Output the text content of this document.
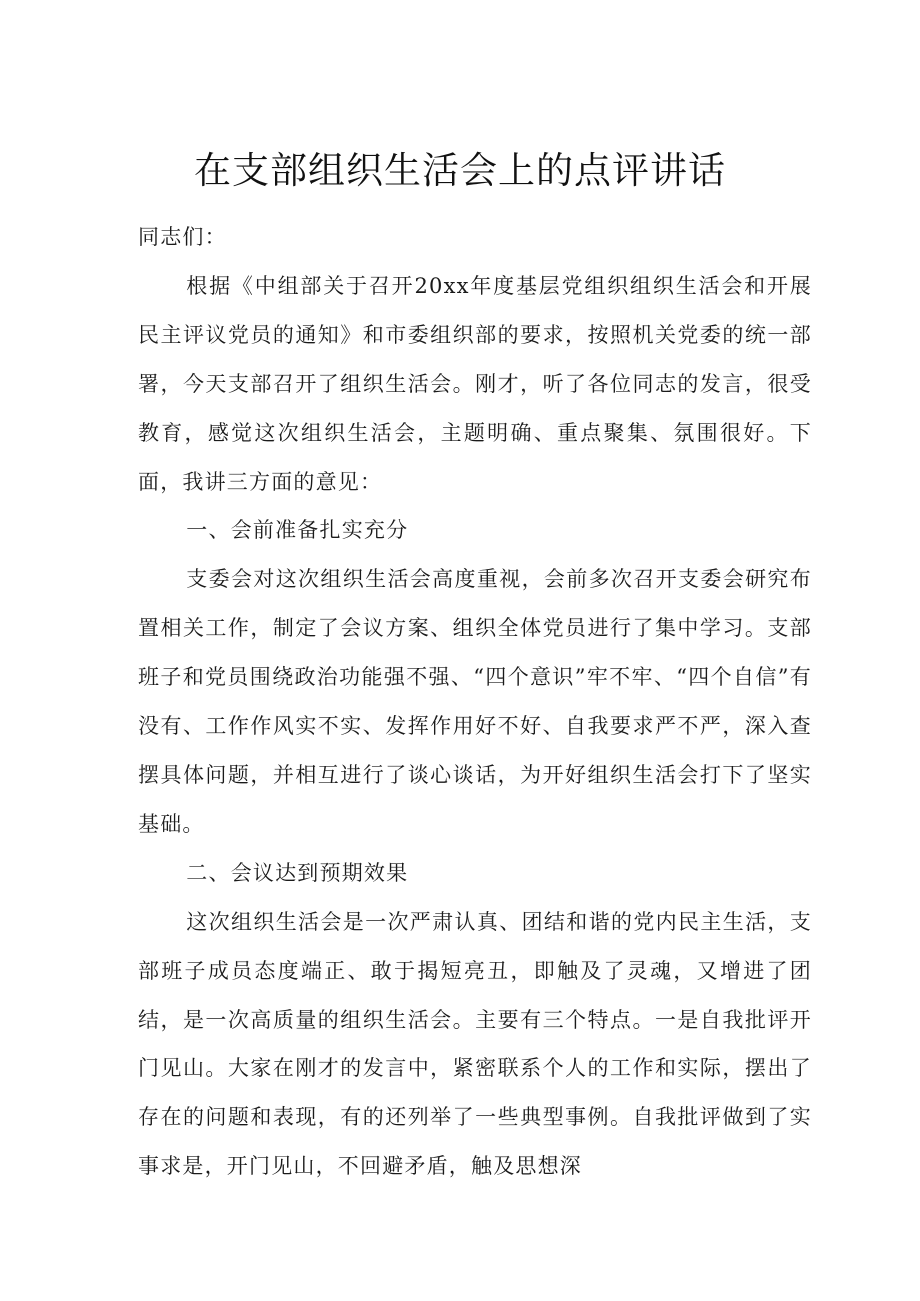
在支部组织生活会上的点评讲话

同志们：

根据《中组部关于召开20xx年度基层党组织组织生活会和开展民主评议党员的通知》和市委组织部的要求，按照机关党委的统一部署，今天支部召开了组织生活会。刚才，听了各位同志的发言，很受教育，感觉这次组织生活会，主题明确、重点聚集、氛围很好。下面，我讲三方面的意见：

一、会前准备扎实充分

支委会对这次组织生活会高度重视，会前多次召开支委会研究布置相关工作，制定了会议方案、组织全体党员进行了集中学习。支部班子和党员围绕政治功能强不强、“四个意识”牢不牢、“四个自信”有没有、工作作风实不实、发挥作用好不好、自我要求严不严，深入查摆具体问题，并相互进行了谈心谈话，为开好组织生活会打下了坚实基础。

二、会议达到预期效果

这次组织生活会是一次严肃认真、团结和谐的党内民主生活，支部班子成员态度端正、敢于揭短亮丑，即触及了灵魂，又增进了团结，是一次高质量的组织生活会。主要有三个特点。一是自我批评开门见山。大家在刚才的发言中，紧密联系个人的工作和实际，摆出了存在的问题和表现，有的还列举了一些典型事例。自我批评做到了实事求是，开门见山，不回避矛盾，触及思想深
